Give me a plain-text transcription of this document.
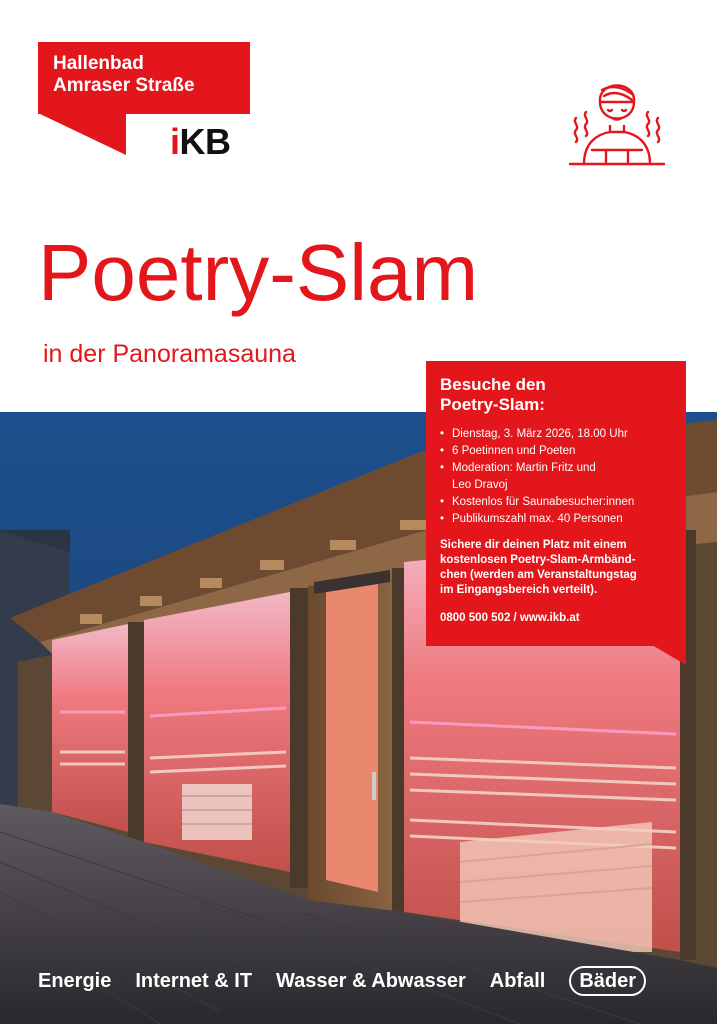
Hallenbad
Amraser Straße
iKB
Poetry-Slam
in der Panoramasauna
Besuche den
Poetry-Slam:
• Dienstag, 3. März 2026, 18.00 Uhr
• 6 Poetinnen und Poeten
• Moderation: Martin Fritz und
Leo Dravoj
• Kostenlos für Saunabesucher:innen
• Publikumszahl max. 40 Personen
Sichere dir deinen Platz mit einem
kostenlosen Poetry-Slam-Armbänd-
chen (werden am Veranstaltungstag
im Eingangsbereich verteilt).
0800 500 502 / www.ikb.at
Energie Internet & IT Wasser & Abwasser Abfall	Bäder
